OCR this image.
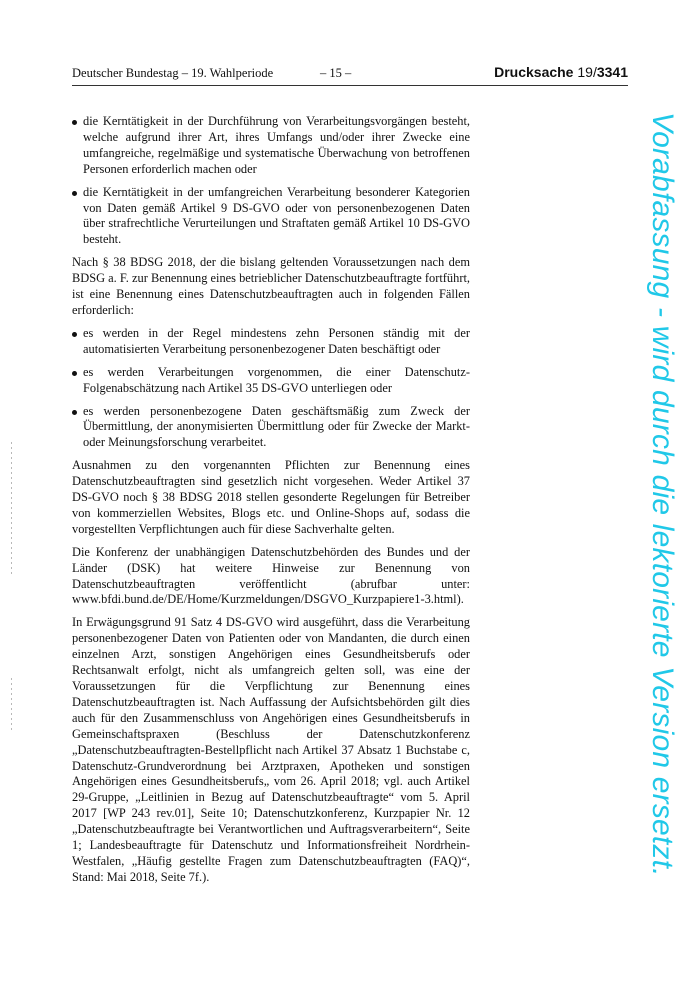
Deutscher Bundestag – 19. Wahlperiode	– 15 –	Drucksache 19/3341
die Kerntätigkeit in der Durchführung von Verarbeitungsvorgängen besteht, welche aufgrund ihrer Art, ihres Umfangs und/oder ihrer Zwecke eine umfangreiche, regelmäßige und systematische Überwachung von betroffenen Personen erforderlich machen oder
die Kerntätigkeit in der umfangreichen Verarbeitung besonderer Kategorien von Daten gemäß Artikel 9 DS-GVO oder von personenbezogenen Daten über strafrechtliche Verurteilungen und Straftaten gemäß Artikel 10 DS-GVO besteht.

Nach § 38 BDSG 2018, der die bislang geltenden Voraussetzungen nach dem BDSG a. F. zur Benennung eines betrieblicher Datenschutzbeauftragte fortführt, ist eine Benennung eines Datenschutzbeauftragten auch in folgenden Fällen erforderlich:

es werden in der Regel mindestens zehn Personen ständig mit der automatisierten Verarbeitung personenbezogener Daten beschäftigt oder
es werden Verarbeitungen vorgenommen, die einer Datenschutz-Folgenabschätzung nach Artikel 35 DS-GVO unterliegen oder
es werden personenbezogene Daten geschäftsmäßig zum Zweck der Übermittlung, der anonymisierten Übermittlung oder für Zwecke der Markt- oder Meinungsforschung verarbeitet.

Ausnahmen zu den vorgenannten Pflichten zur Benennung eines Datenschutzbeauftragten sind gesetzlich nicht vorgesehen. Weder Artikel 37 DS-GVO noch § 38 BDSG 2018 stellen gesonderte Regelungen für Betreiber von kommerziellen Websites, Blogs etc. und Online-Shops auf, sodass die vorgestellten Verpflichtungen auch für diese Sachverhalte gelten.

Die Konferenz der unabhängigen Datenschutzbehörden des Bundes und der Länder (DSK) hat weitere Hinweise zur Benennung von Datenschutzbeauftragten veröffentlicht (abrufbar unter: www.bfdi.bund.de/DE/Home/Kurzmeldungen/DSGVO_Kurzpapiere1-3.html).

In Erwägungsgrund 91 Satz 4 DS-GVO wird ausgeführt, dass die Verarbeitung personenbezogener Daten von Patienten oder von Mandanten, die durch einen einzelnen Arzt, sonstigen Angehörigen eines Gesundheitsberufs oder Rechtsanwalt erfolgt, nicht als umfangreich gelten soll, was eine der Voraussetzungen für die Verpflichtung zur Benennung eines Datenschutzbeauftragten ist. Nach Auffassung der Aufsichtsbehörden gilt dies auch für den Zusammenschluss von Angehörigen eines Gesundheitsberufs in Gemeinschaftspraxen (Beschluss der Datenschutzkonferenz „Datenschutzbeauftragten-Bestellpflicht nach Artikel 37 Absatz 1 Buchstabe c, Datenschutz-Grundverordnung bei Arztpraxen, Apotheken und sonstigen Angehörigen eines Gesundheitsberufs„ vom 26. April 2018; vgl. auch Artikel 29-Gruppe, „Leitlinien in Bezug auf Datenschutzbeauftragte“ vom 5. April 2017 [WP 243 rev.01], Seite 10; Datenschutzkonferenz, Kurzpapier Nr. 12 „Datenschutzbeauftragte bei Verantwortlichen und Auftragsverarbeitern“, Seite 1; Landesbeauftragte für Datenschutz und Informationsfreiheit Nordrhein-Westfalen, „Häufig gestellte Fragen zum Datenschutzbeauftragten (FAQ)“, Stand: Mai 2018, Seite 7f.).

Vorabfassung - wird durch die lektorierte Version ersetzt.
